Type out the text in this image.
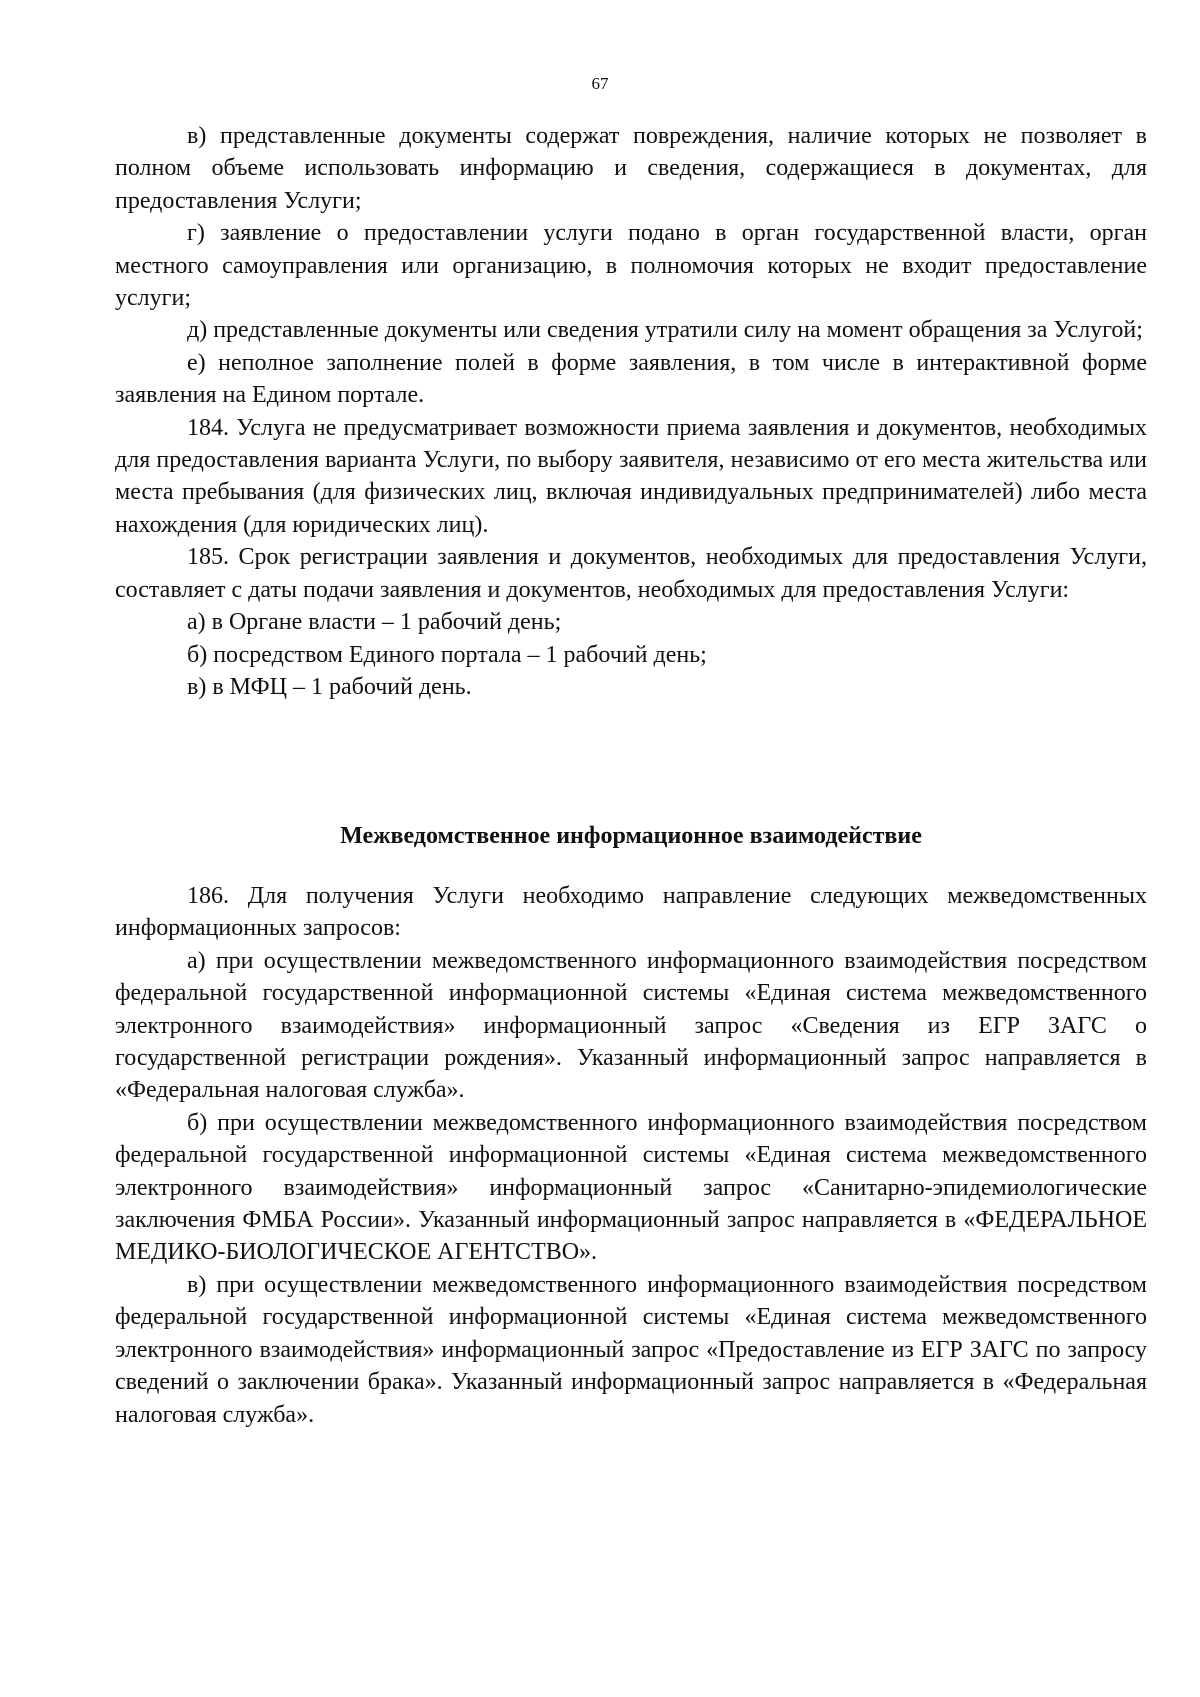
67

в) представленные документы содержат повреждения, наличие которых не позволяет в полном объеме использовать информацию и сведения, содержащиеся в документах, для предоставления Услуги;

г) заявление о предоставлении услуги подано в орган государственной власти, орган местного самоуправления или организацию, в полномочия которых не входит предоставление услуги;

д) представленные документы или сведения утратили силу на момент обращения за Услугой;

е) неполное заполнение полей в форме заявления, в том числе в интерактивной форме заявления на Едином портале.

184. Услуга не предусматривает возможности приема заявления и документов, необходимых для предоставления варианта Услуги, по выбору заявителя, независимо от его места жительства или места пребывания (для физических лиц, включая индивидуальных предпринимателей) либо места нахождения (для юридических лиц).

185. Срок регистрации заявления и документов, необходимых для предоставления Услуги, составляет с даты подачи заявления и документов, необходимых для предоставления Услуги:

а) в Органе власти – 1 рабочий день;

б) посредством Единого портала – 1 рабочий день;

в) в МФЦ – 1 рабочий день.

Межведомственное информационное взаимодействие

186. Для получения Услуги необходимо направление следующих межведомственных информационных запросов:

а) при осуществлении межведомственного информационного взаимодействия посредством федеральной государственной информационной системы «Единая система межведомственного электронного взаимодействия» информационный запрос «Сведения из ЕГР ЗАГС о государственной регистрации рождения». Указанный информационный запрос направляется в «Федеральная налоговая служба».

б) при осуществлении межведомственного информационного взаимодействия посредством федеральной государственной информационной системы «Единая система межведомственного электронного взаимодействия» информационный запрос «Санитарно-эпидемиологические заключения ФМБА России». Указанный информационный запрос направляется в «ФЕДЕРАЛЬНОЕ МЕДИКО-БИОЛОГИЧЕСКОЕ АГЕНТСТВО».

в) при осуществлении межведомственного информационного взаимодействия посредством федеральной государственной информационной системы «Единая система межведомственного электронного взаимодействия» информационный запрос «Предоставление из ЕГР ЗАГС по запросу сведений о заключении брака». Указанный информационный запрос направляется в «Федеральная налоговая служба».
